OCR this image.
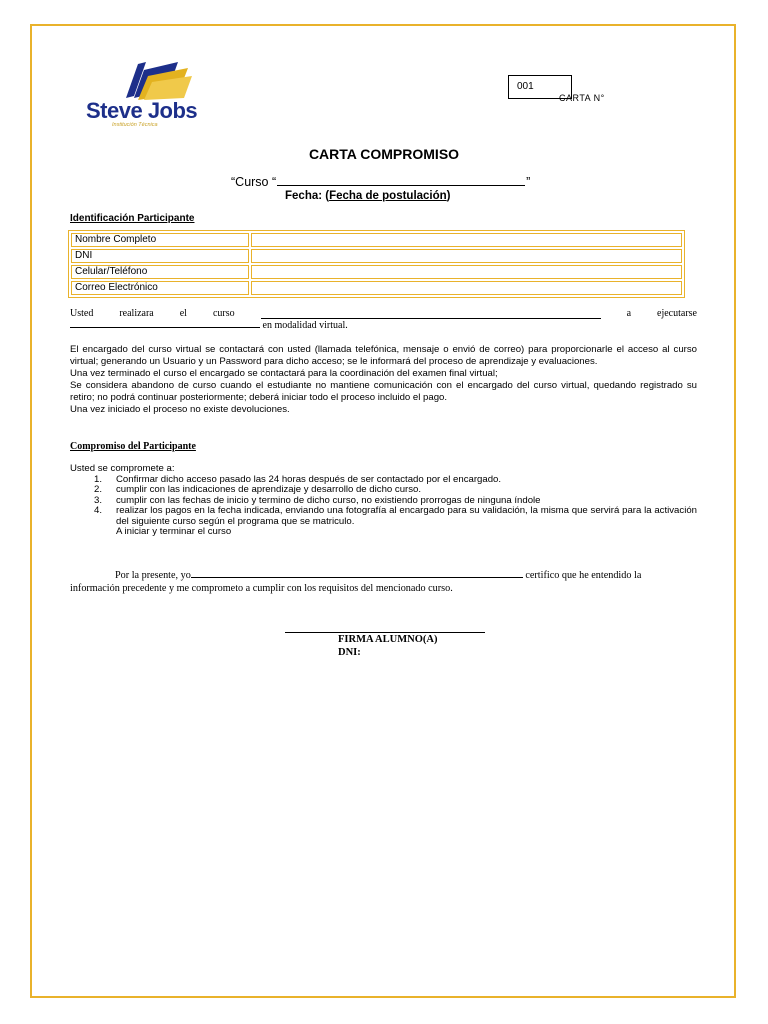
Steve Jobs
Institución Técnica
001
CARTA N°
CARTA COMPROMISO
“Curso “	”
Fecha: (Fecha de postulación)
Identificación Participante
Nombre Completo	
DNI	
Celular/Teléfono	
Correo Electrónico	
Usted	realizara	el	curso	a	ejecutarse
en modalidad virtual.
El encargado del curso virtual se contactará con usted (llamada telefónica, mensaje o envió de correo) para proporcionarle el acceso al curso virtual; generando un Usuario y un Password para dicho acceso; se le informará del proceso de aprendizaje y evaluaciones.
Una vez terminado el curso el encargado se contactará para la coordinación del examen final virtual;
Se considera abandono de curso cuando el estudiante no mantiene comunicación con el encargado del curso virtual, quedando registrado su retiro; no podrá continuar posteriormente; deberá iniciar todo el proceso incluido el pago.
Una vez iniciado el proceso no existe devoluciones.
Compromiso del Participante
Usted se compromete a:
1. Confirmar dicho acceso pasado las 24 horas después de ser contactado por el encargado.
2. cumplir con las indicaciones de aprendizaje y desarrollo de dicho curso.
3. cumplir con las fechas de inicio y termino de dicho curso, no existiendo prorrogas de ninguna índole
4. realizar los pagos en la fecha indicada, enviando una fotografía al encargado para su validación, la misma que servirá para la activación del siguiente curso según el programa que se matriculo.
A iniciar y terminar el curso
Por la presente, yo	certifico que he entendido la
información precedente y me comprometo a cumplir con los requisitos del mencionado curso.
FIRMA ALUMNO(A)
DNI:
